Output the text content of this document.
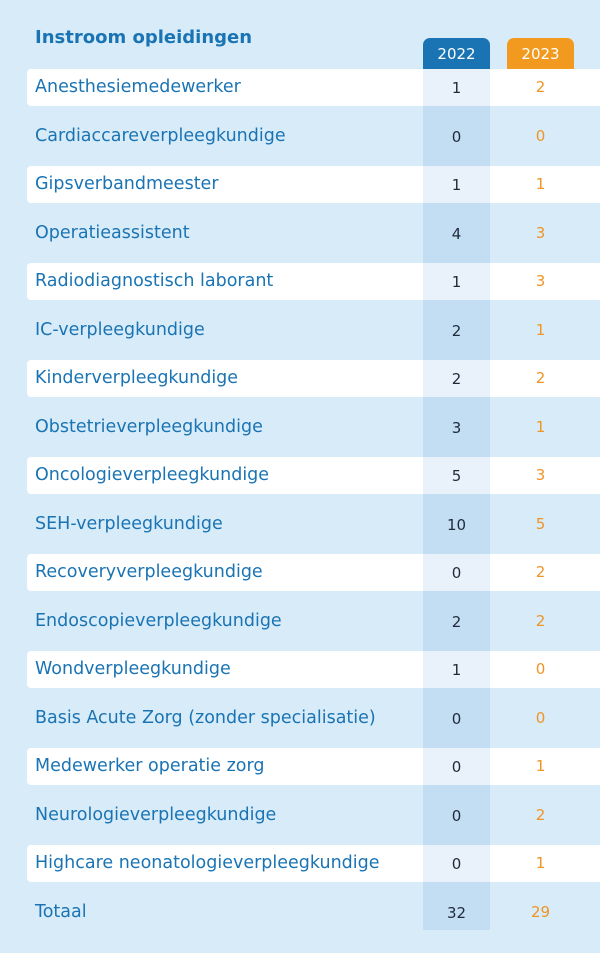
Instroom opleidingen
2022	2023
Anesthesiemedewerker	1	2
Cardiaccareverpleegkundige	0	0
Gipsverbandmeester	1	1
Operatieassistent	4	3
Radiodiagnostisch laborant	1	3
IC-verpleegkundige	2	1
Kinderverpleegkundige	2	2
Obstetrieverpleegkundige	3	1
Oncologieverpleegkundige	5	3
SEH-verpleegkundige	10	5
Recoveryverpleegkundige	0	2
Endoscopieverpleegkundige	2	2
Wondverpleegkundige	1	0
Basis Acute Zorg (zonder specialisatie)	0	0
Medewerker operatie zorg	0	1
Neurologieverpleegkundige	0	2
Highcare neonatologieverpleegkundige	0	1
Totaal	32	29
